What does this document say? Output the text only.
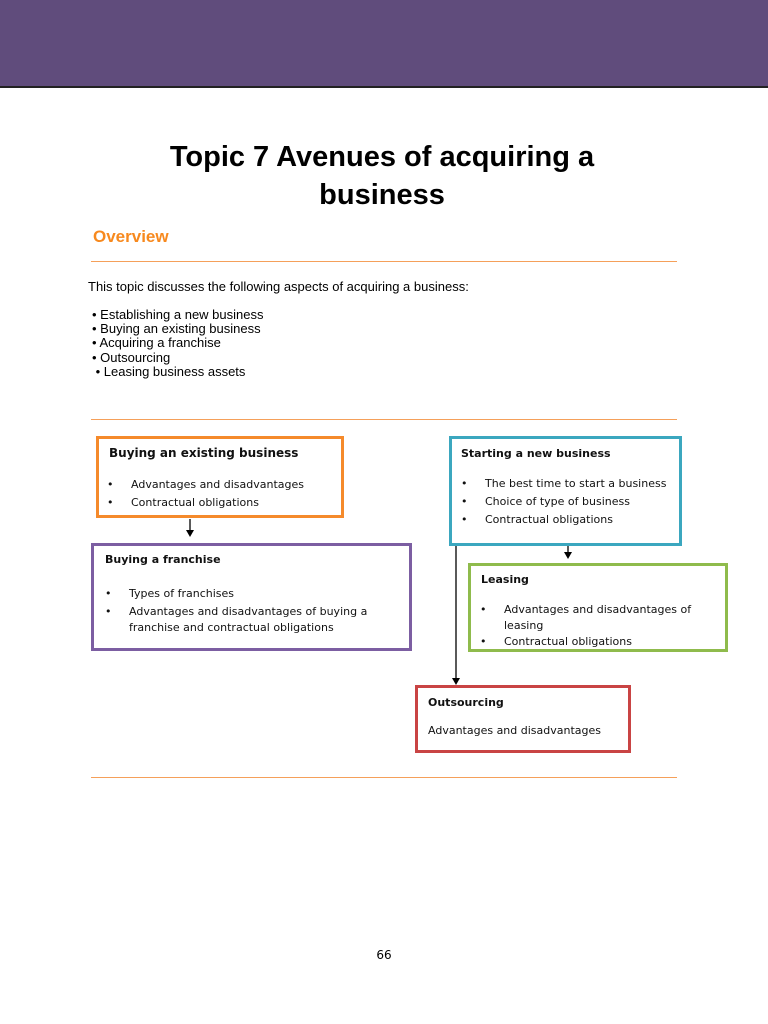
Topic 7 Avenues of acquiring a business
Overview
This topic discusses the following aspects of acquiring a business:
• Establishing a new business
• Buying an existing business
• Acquiring a franchise
• Outsourcing
• Leasing business assets
Buying an existing business
• Advantages and disadvantages
• Contractual obligations
Buying a franchise
• Types of franchises
• Advantages and disadvantages of buying a franchise and contractual obligations
Starting a new business
• The best time to start a business
• Choice of type of business
• Contractual obligations
Leasing
• Advantages and disadvantages of leasing
• Contractual obligations
Outsourcing
Advantages and disadvantages
66
